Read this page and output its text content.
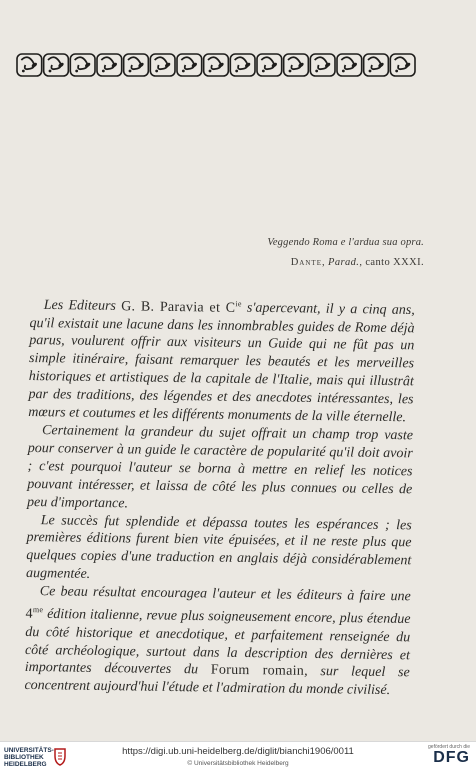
Veggendo Roma e l'ardua sua opra.
Dante, Parad., canto XXXI.

 Les Editeurs G. B. Paravia et $C^{ie}$ s'apercevant, il y a cinq ans, qu'il existait une lacune dans les innombrables guides de Rome déjà parus, voulurent offrir aux visiteurs un Guide qui ne fût pas un simple itinéraire, faisant remarquer les beautés et les merveilles historiques et artistiques de la capitale de l'Italie, mais qui illustrât par des traditions, des légendes et des anecdotes intéressantes, les mœurs et coutumes et les différents monuments de la ville éternelle.

 Certainement la grandeur du sujet offrait un champ trop vaste pour conserver à un guide le caractère de popularité qu'il doit avoir ; c'est pourquoi l'auteur se borna à mettre en relief les notices pouvant intéresser, et laissa de côté les plus connues ou celles de peu d'importance.

 Le succès fut splendide et dépassa toutes les espérances ; les premières éditions furent bien vite épuisées, et il ne reste plus que quelques copies d'une traduction en anglais déjà considérablement augmentée.

 Ce beau résultat encouragea l'auteur et les éditeurs à faire une $4^{me}$ édition italienne, revue plus soigneusement encore, plus étendue du côté historique et anecdotique, et parfaitement renseignée du côté archéologique, surtout dans la description des dernières et importantes découvertes du Forum romain, sur lequel se concentrent aujourd'hui l'étude et l'admiration du monde civilisé.

UNIVERSITÄTS-
BIBLIOTHEK
HEIDELBERG
https://digi.ub.uni-heidelberg.de/diglit/bianchi1906/0011
© Universitätsbibliothek Heidelberg
gefördert durch die
DFG
